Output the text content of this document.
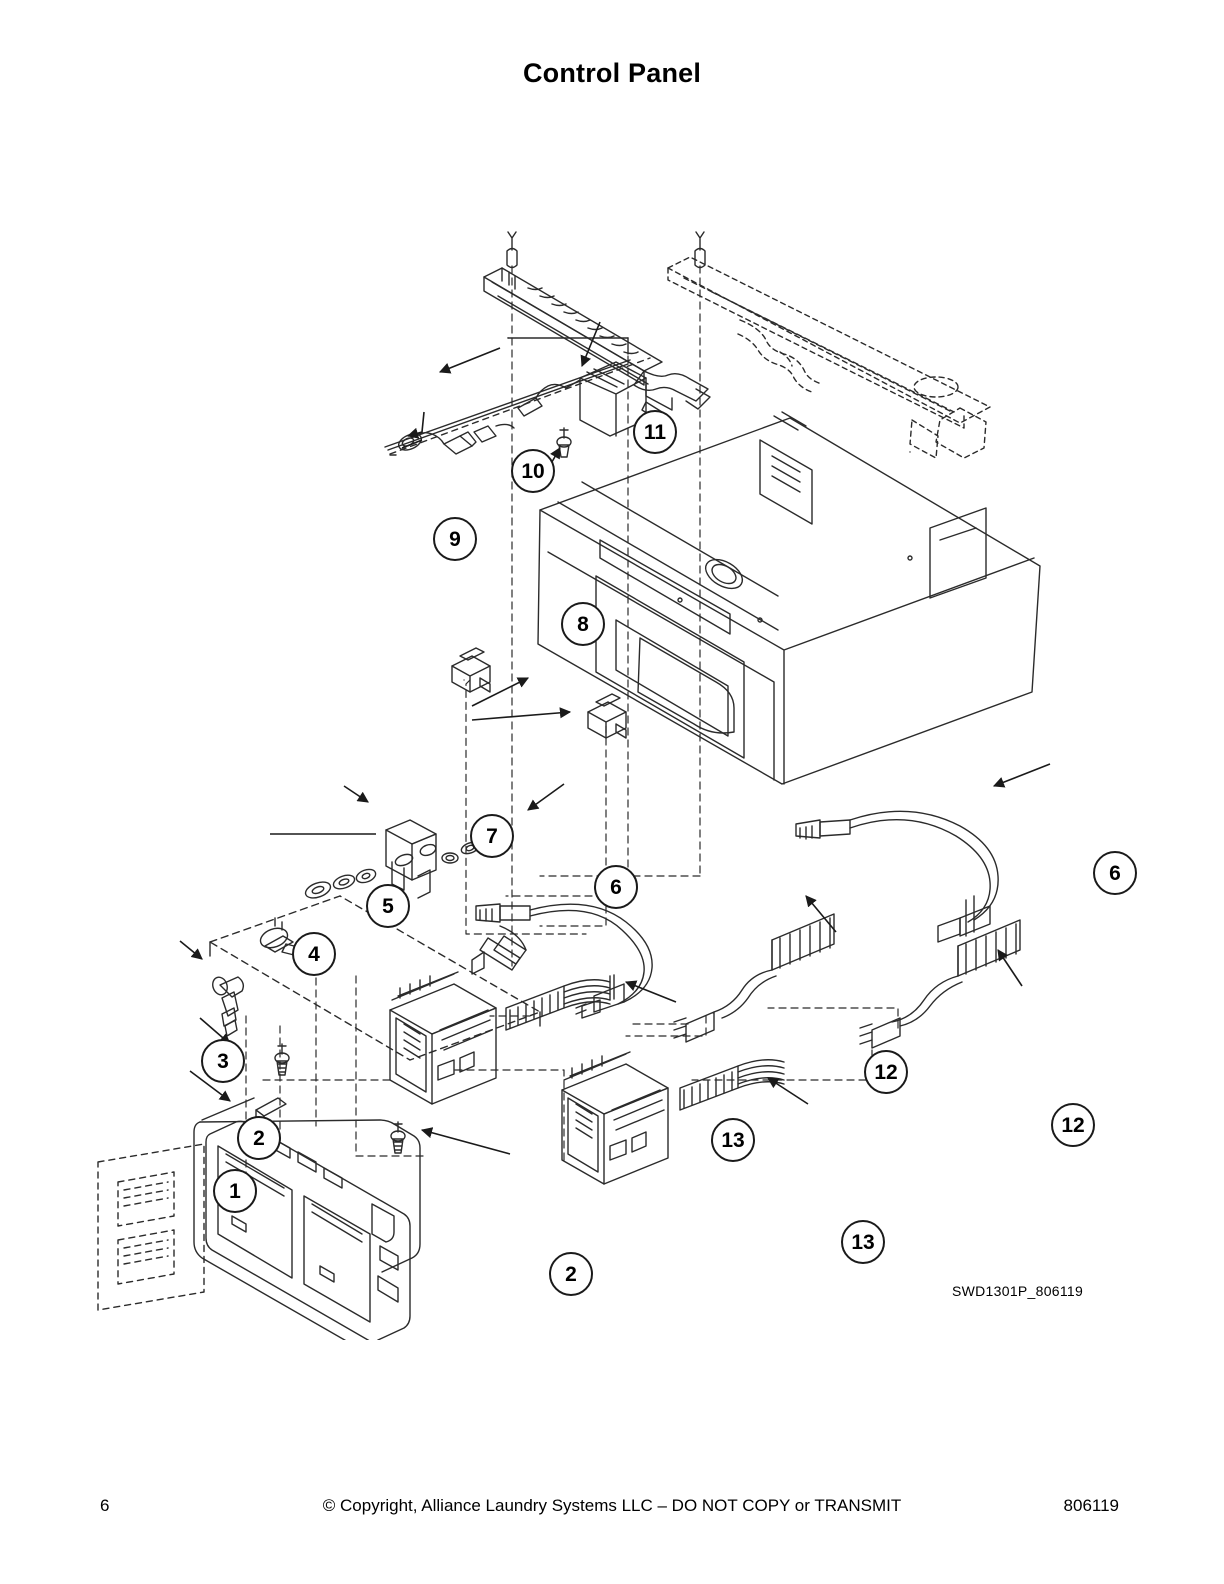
Control Panel
1
2
2
3
4
5
6
6
7
8
9
10
11
12
12
13
13
SWD1301P_806119
6	© Copyright, Alliance Laundry Systems LLC – DO NOT COPY or TRANSMIT	806119
